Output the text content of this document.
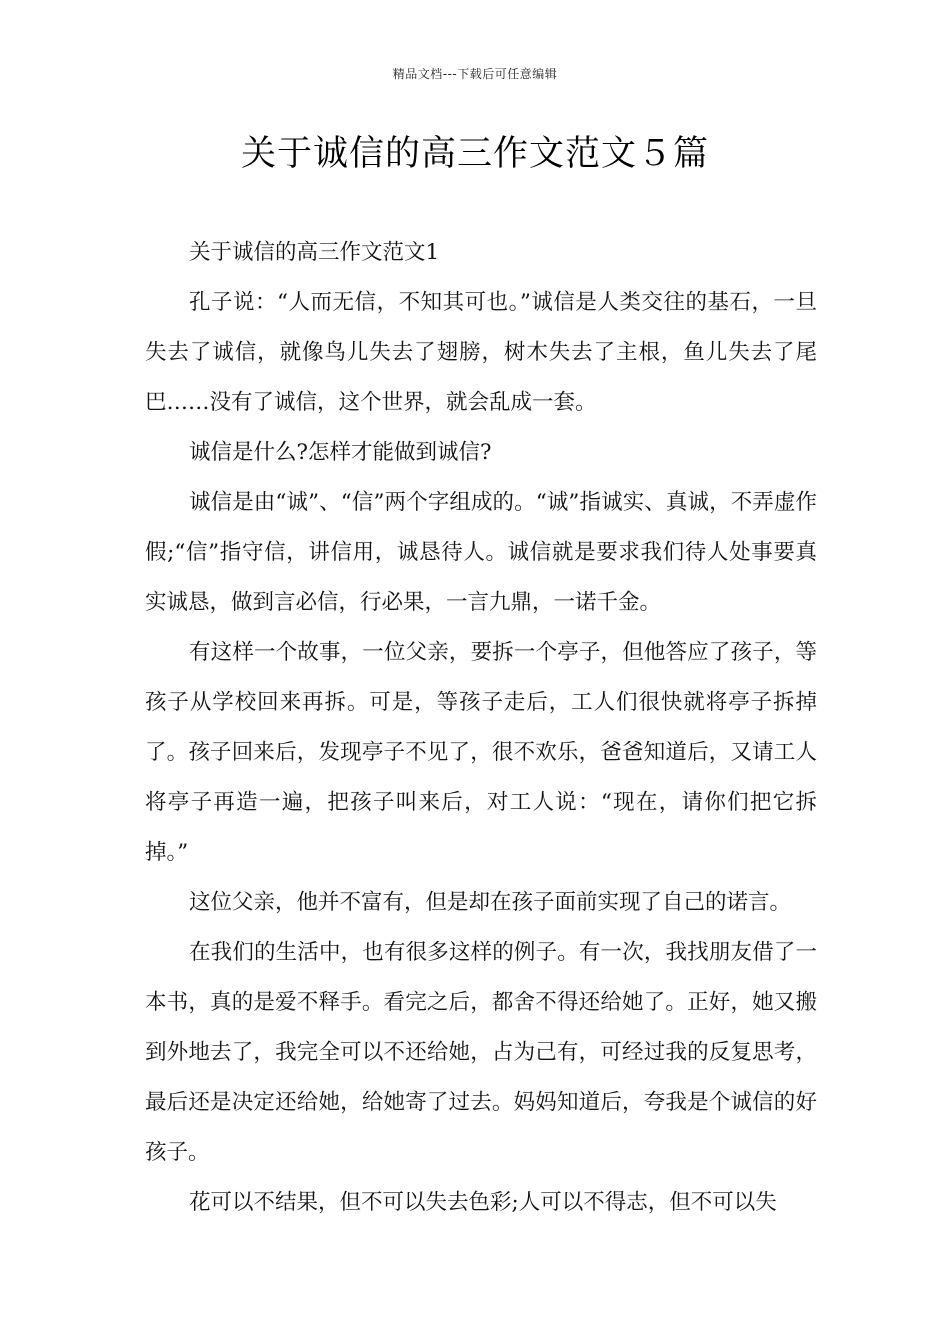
精品文档---下载后可任意编辑
关于诚信的高三作文范文５篇

关于诚信的高三作文范文1

孔子说：“人而无信，不知其可也。”诚信是人类交往的基石，一旦失去了诚信，就像鸟儿失去了翅膀，树木失去了主根，鱼儿失去了尾巴……没有了诚信，这个世界，就会乱成一套。

诚信是什么?怎样才能做到诚信?

诚信是由“诚”、“信”两个字组成的。“诚”指诚实、真诚，不弄虚作假;“信”指守信，讲信用，诚恳待人。诚信就是要求我们待人处事要真实诚恳，做到言必信，行必果，一言九鼎，一诺千金。

有这样一个故事，一位父亲，要拆一个亭子，但他答应了孩子，等孩子从学校回来再拆。可是，等孩子走后，工人们很快就将亭子拆掉了。孩子回来后，发现亭子不见了，很不欢乐，爸爸知道后，又请工人将亭子再造一遍，把孩子叫来后，对工人说：“现在，请你们把它拆掉。”

这位父亲，他并不富有，但是却在孩子面前实现了自己的诺言。

在我们的生活中，也有很多这样的例子。有一次，我找朋友借了一本书，真的是爱不释手。看完之后，都舍不得还给她了。正好，她又搬到外地去了，我完全可以不还给她，占为己有，可经过我的反复思考，最后还是决定还给她，给她寄了过去。妈妈知道后，夸我是个诚信的好孩子。

花可以不结果，但不可以失去色彩;人可以不得志，但不可以失
